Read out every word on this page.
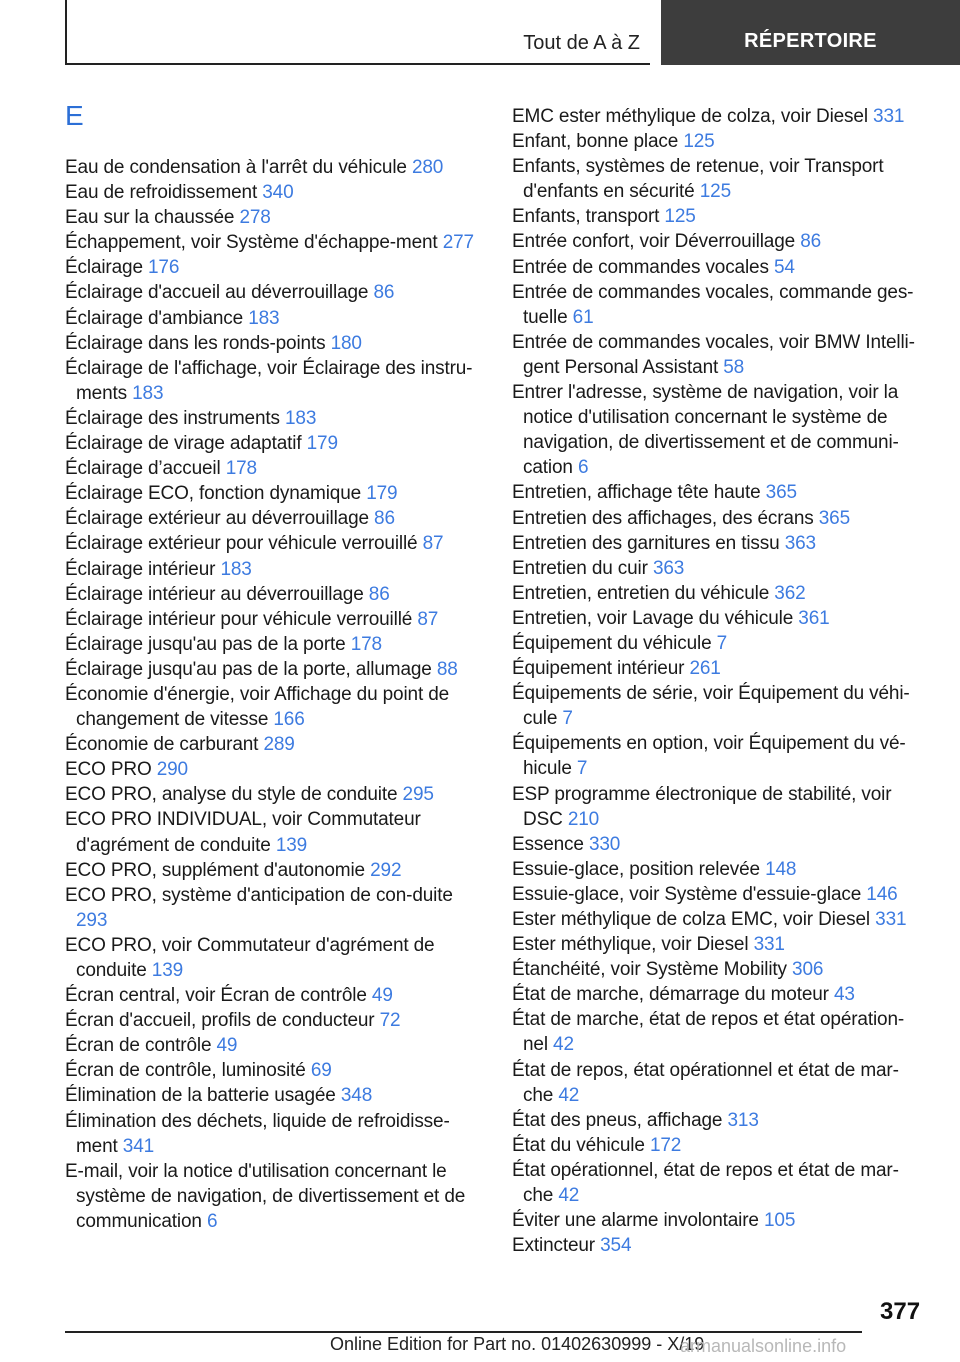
Tout de A à Z	RÉPERTOIRE
E
Eau de condensation à l'arrêt du véhicule 280
Eau de refroidissement 340
Eau sur la chaussée 278
Échappement, voir Système d'échappe-ment 277
Éclairage 176
Éclairage d'accueil au déverrouillage 86
Éclairage d'ambiance 183
Éclairage dans les ronds-points 180
Éclairage de l'affichage, voir Éclairage des instru-ments 183
Éclairage des instruments 183
Éclairage de virage adaptatif 179
Éclairage d’accueil 178
Éclairage ECO, fonction dynamique 179
Éclairage extérieur au déverrouillage 86
Éclairage extérieur pour véhicule verrouillé 87
Éclairage intérieur 183
Éclairage intérieur au déverrouillage 86
Éclairage intérieur pour véhicule verrouillé 87
Éclairage jusqu'au pas de la porte 178
Éclairage jusqu'au pas de la porte, allumage 88
Économie d'énergie, voir Affichage du point de changement de vitesse 166
Économie de carburant 289
ECO PRO 290
ECO PRO, analyse du style de conduite 295
ECO PRO INDIVIDUAL, voir Commutateur d'agrément de conduite 139
ECO PRO, supplément d'autonomie 292
ECO PRO, système d'anticipation de con-duite 293
ECO PRO, voir Commutateur d'agrément de conduite 139
Écran central, voir Écran de contrôle 49
Écran d'accueil, profils de conducteur 72
Écran de contrôle 49
Écran de contrôle, luminosité 69
Élimination de la batterie usagée 348
Élimination des déchets, liquide de refroidisse-ment 341
E-mail, voir la notice d'utilisation concernant le système de navigation, de divertissement et de communication 6
EMC ester méthylique de colza, voir Diesel 331
Enfant, bonne place 125
Enfants, systèmes de retenue, voir Transport d'enfants en sécurité 125
Enfants, transport 125
Entrée confort, voir Déverrouillage 86
Entrée de commandes vocales 54
Entrée de commandes vocales, commande ges-tuelle 61
Entrée de commandes vocales, voir BMW Intelli-gent Personal Assistant 58
Entrer l'adresse, système de navigation, voir la notice d'utilisation concernant le système de navigation, de divertissement et de communi-cation 6
Entretien, affichage tête haute 365
Entretien des affichages, des écrans 365
Entretien des garnitures en tissu 363
Entretien du cuir 363
Entretien, entretien du véhicule 362
Entretien, voir Lavage du véhicule 361
Équipement du véhicule 7
Équipement intérieur 261
Équipements de série, voir Équipement du véhi-cule 7
Équipements en option, voir Équipement du vé-hicule 7
ESP programme électronique de stabilité, voir DSC 210
Essence 330
Essuie-glace, position relevée 148
Essuie-glace, voir Système d'essuie-glace 146
Ester méthylique de colza EMC, voir Diesel 331
Ester méthylique, voir Diesel 331
Étanchéité, voir Système Mobility 306
État de marche, démarrage du moteur 43
État de marche, état de repos et état opération-nel 42
État de repos, état opérationnel et état de mar-che 42
État des pneus, affichage 313
État du véhicule 172
État opérationnel, état de repos et état de mar-che 42
Éviter une alarme involontaire 105
Extincteur 354
377
Online Edition for Part no. 01402630999 - X/19
armanualsonline.info
